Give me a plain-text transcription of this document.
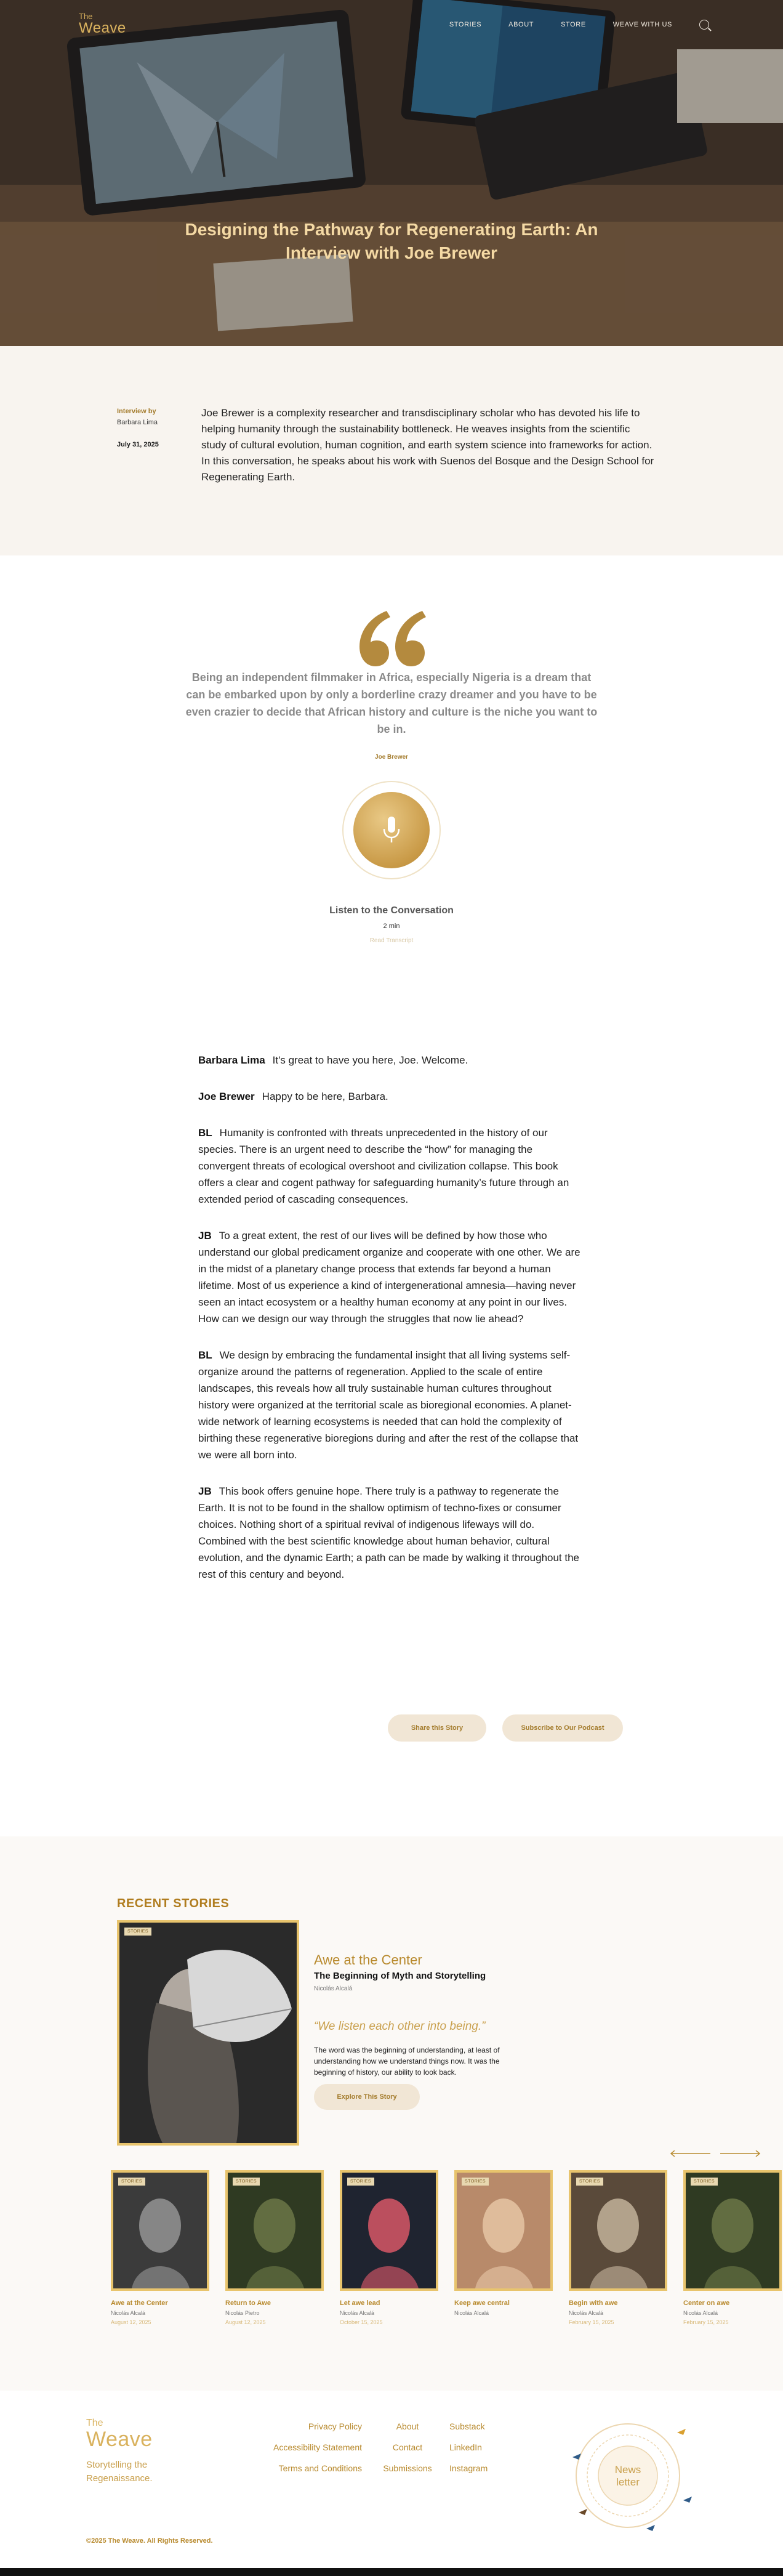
The
Weave	STORIES	ABOUT	STORE	WEAVE WITH US
Designing the Pathway for Regenerating Earth: An Interview with Joe Brewer
Interview by
Barbara Lima
July 31, 2025

Joe Brewer is a complexity researcher and transdisciplinary scholar who has devoted his life to helping humanity through the sustainability bottleneck. He weaves insights from the scientific study of cultural evolution, human cognition, and earth system science into frameworks for action. In this conversation, he speaks about his work with Suenos del Bosque and the Design School for Regenerating Earth.

Being an independent filmmaker in Africa, especially Nigeria is a dream that can be embarked upon by only a borderline crazy dreamer and you have to be even crazier to decide that African history and culture is the niche you want to be in.

Joe Brewer
Listen to the Conversation
2 min
Read Transcript

Barbara Lima It's great to have you here, Joe. Welcome.

Joe Brewer Happy to be here, Barbara.

BL Humanity is confronted with threats unprecedented in the history of our species. There is an urgent need to describe the “how” for managing the convergent threats of ecological overshoot and civilization collapse. This book offers a clear and cogent pathway for safeguarding humanity’s future through an extended period of cascading consequences.

JB To a great extent, the rest of our lives will be defined by how those who understand our global predicament organize and cooperate with one other. We are in the midst of a planetary change process that extends far beyond a human lifetime. Most of us experience a kind of intergenerational amnesia—having never seen an intact ecosystem or a healthy human economy at any point in our lives. How can we design our way through the struggles that now lie ahead?

BL We design by embracing the fundamental insight that all living systems self-organize around the patterns of regeneration. Applied to the scale of entire landscapes, this reveals how all truly sustainable human cultures throughout history were organized at the territorial scale as bioregional economies. A planet-wide network of learning ecosystems is needed that can hold the complexity of birthing these regenerative bioregions during and after the rest of the collapse that we were all born into.

JB This book offers genuine hope. There truly is a pathway to regenerate the Earth. It is not to be found in the shallow optimism of techno-fixes or consumer choices. Nothing short of a spiritual revival of indigenous lifeways will do. Combined with the best scientific knowledge about human behavior, cultural evolution, and the dynamic Earth; a path can be made by walking it throughout the rest of this century and beyond.

Share this Story	Subscribe to Our Podcast
RECENT STORIES
STORIES
Awe at the Center
The Beginning of Myth and Storytelling
Nicolás Alcalá
“We listen each other into being.”

The word was the beginning of understanding, at least of understanding how we understand things now. It was the beginning of history, our ability to look back.

Explore This Story
STORIES
Awe at the Center
Nicolás Alcalá
August 12, 2025
STORIES
Return to Awe
Nicolás Pietro
August 12, 2025
STORIES
Let awe lead
Nicolás Alcalá
October 15, 2025
STORIES
Keep awe central
Nicolás Alcalá
STORIES
Begin with awe
Nicolás Alcalá
February 15, 2025
STORIES
Center on awe
Nicolás Alcalá
February 15, 2025
The
Weave
Storytelling the Regenaissance.
Privacy Policy
Accessibility Statement
Terms and Conditions
About
Contact
Submissions
Substack
LinkedIn
Instagram	News
letter
©2025 The Weave. All Rights Reserved.
